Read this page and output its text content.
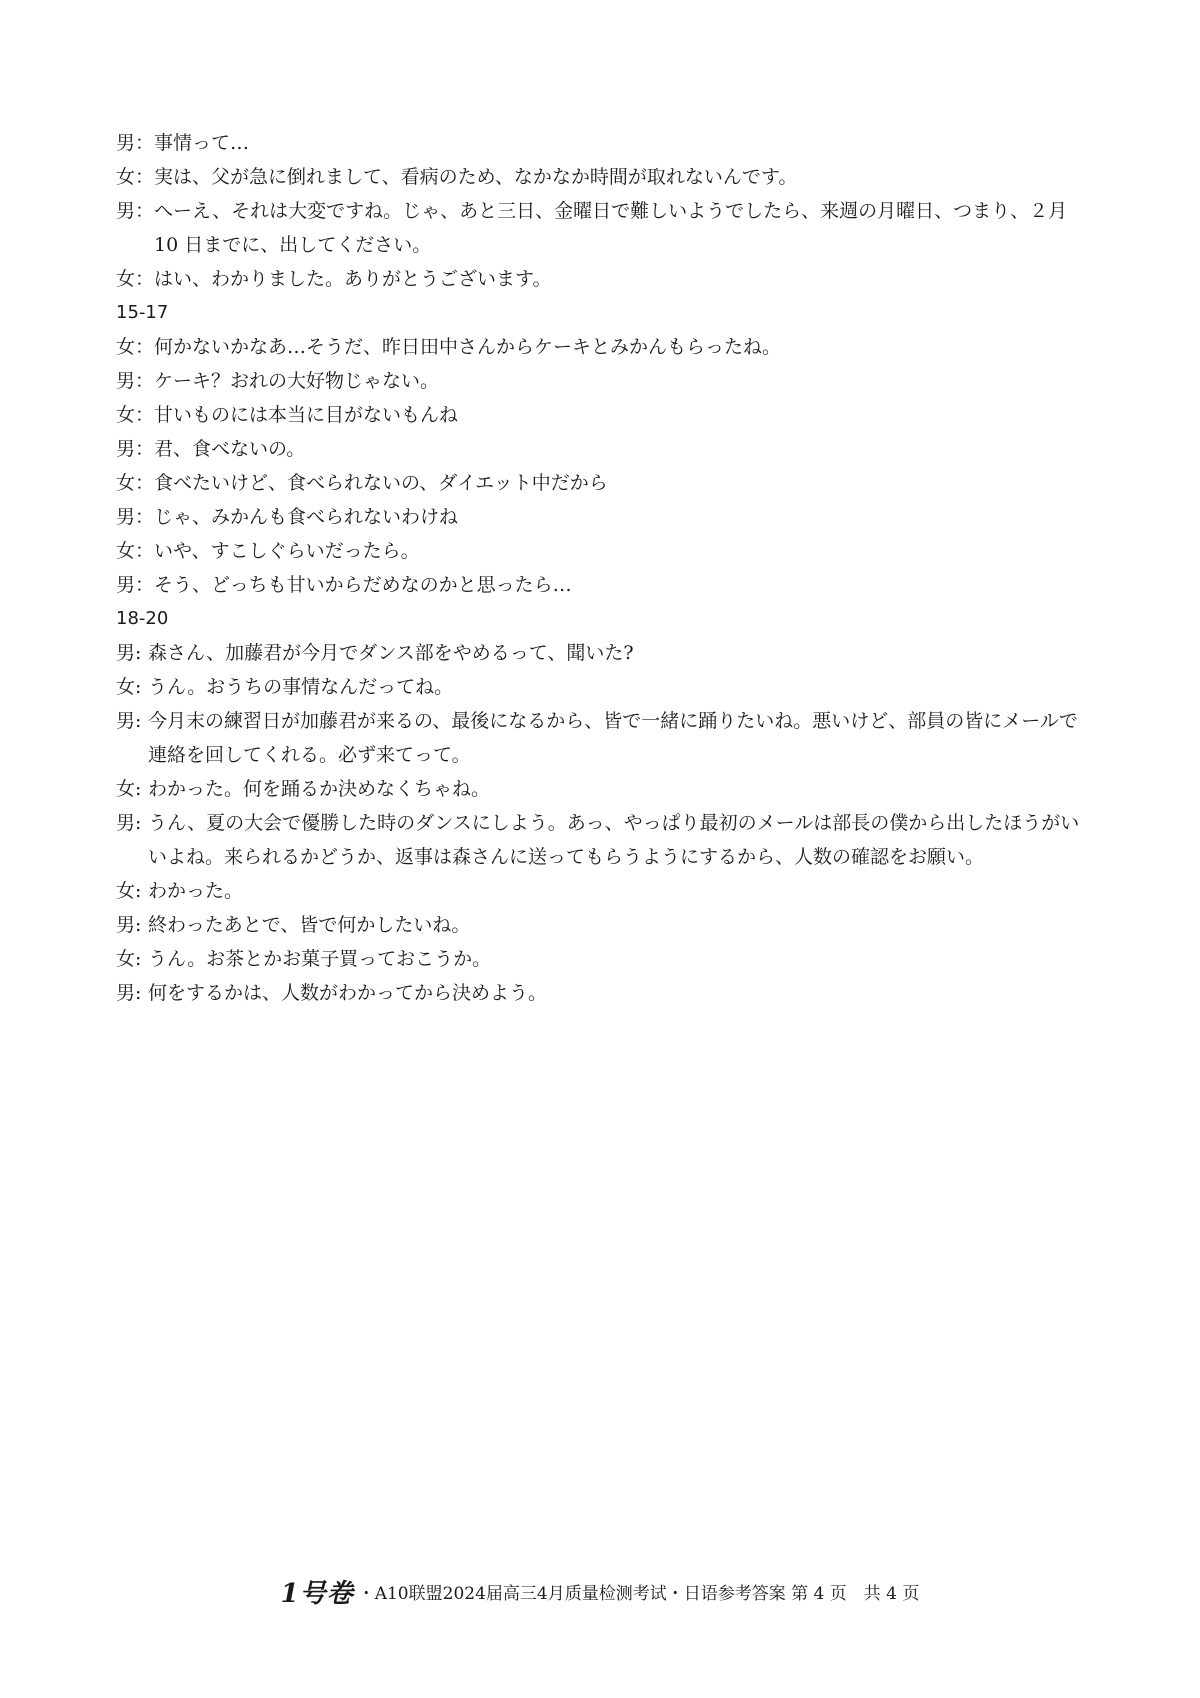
男： 事情って…
女： 実は、父が急に倒れまして、看病のため、なかなか時間が取れないんです。
男： へーえ、それは大変ですね。じゃ、あと三日、金曜日で難しいようでしたら、来週の月曜日、つまり、２月 10 日までに、出してください。
女： はい、わかりました。ありがとうございます。
15-17
女： 何かないかなあ…そうだ、昨日田中さんからケーキとみかんもらったね。
男： ケーキ？おれの大好物じゃない。
女： 甘いものには本当に目がないもんね
男： 君、食べないの。
女： 食べたいけど、食べられないの、ダイエット中だから
男： じゃ、みかんも食べられないわけね
女： いや、すこしぐらいだったら。
男： そう、どっちも甘いからだめなのかと思ったら…
18-20
男: 森さん、加藤君が今月でダンス部をやめるって、聞いた?
女: うん。おうちの事情なんだってね。
男: 今月末の練習日が加藤君が来るの、最後になるから、皆で一緒に踊りたいね。悪いけど、部員の皆にメールで連絡を回してくれる。必ず来てって。
女: わかった。何を踊るか決めなくちゃね。
男: うん、夏の大会で優勝した時のダンスにしよう。あっ、やっぱり最初のメールは部長の僕から出したほうがいいよね。来られるかどうか、返事は森さんに送ってもらうようにするから、人数の確認をお願い。
女: わかった。
男: 終わったあとで、皆で何かしたいね。
女: うん。お茶とかお菓子買っておこうか。
男: 何をするかは、人数がわかってから決めよう。
1号卷 ・A10联盟2024届高三4月质量检测考试・日语参考答案 第 4 页　共 4 页
